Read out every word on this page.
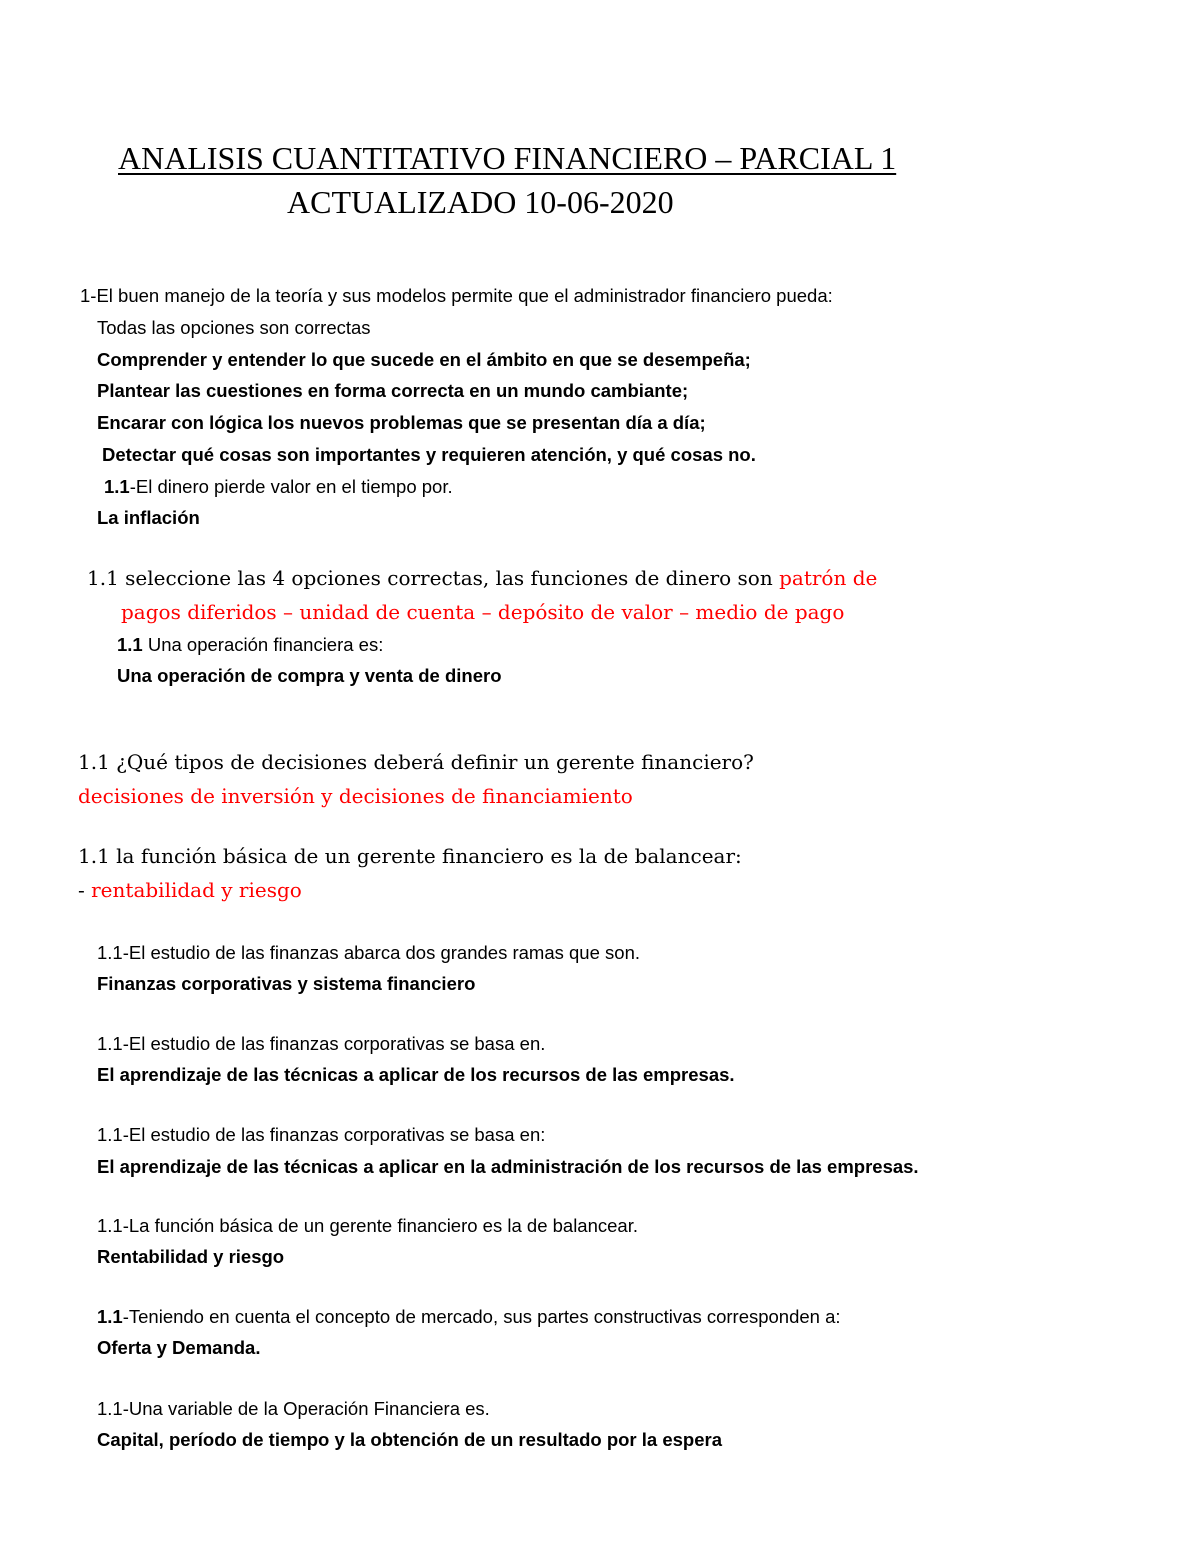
ANALISIS CUANTITATIVO FINANCIERO – PARCIAL 1
ACTUALIZADO 10-06-2020
1-El buen manejo de la teoría y sus modelos permite que el administrador financiero pueda:
Todas las opciones son correctas
Comprender y entender lo que sucede en el ámbito en que se desempeña;
Plantear las cuestiones en forma correcta en un mundo cambiante;
Encarar con lógica los nuevos problemas que se presentan día a día;
Detectar qué cosas son importantes y requieren atención, y qué cosas no.
1.1-El dinero pierde valor en el tiempo por.
La inflación
1.1 seleccione las 4 opciones correctas, las funciones de dinero son patrón de
pagos diferidos – unidad de cuenta – depósito de valor – medio de pago
1.1 Una operación financiera es:
Una operación de compra y venta de dinero
1.1 ¿Qué tipos de decisiones deberá definir un gerente financiero?
decisiones de inversión y decisiones de financiamiento
1.1 la función básica de un gerente financiero es la de balancear:
- rentabilidad y riesgo
1.1-El estudio de las finanzas abarca dos grandes ramas que son.
Finanzas corporativas y sistema financiero
1.1-El estudio de las finanzas corporativas se basa en.
El aprendizaje de las técnicas a aplicar de los recursos de las empresas.
1.1-El estudio de las finanzas corporativas se basa en:
El aprendizaje de las técnicas a aplicar en la administración de los recursos de las empresas.
1.1-La función básica de un gerente financiero es la de balancear.
Rentabilidad y riesgo
1.1-Teniendo en cuenta el concepto de mercado, sus partes constructivas corresponden a:
Oferta y Demanda.
1.1-Una variable de la Operación Financiera es.
Capital, período de tiempo y la obtención de un resultado por la espera
